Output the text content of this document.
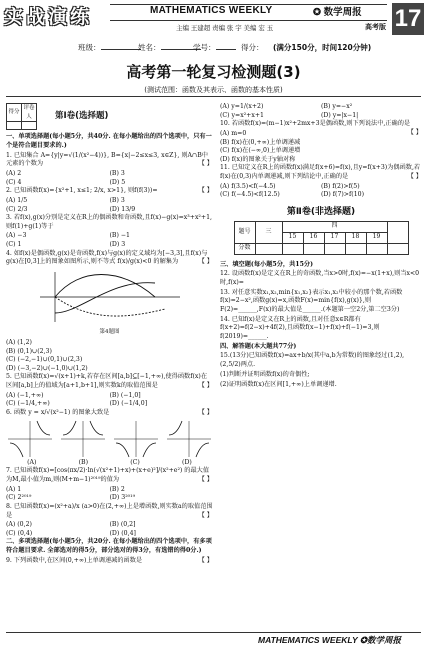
实战演练	MATHEMATICS WEEKLY	✪ 数学周报
主编 王建超 责编 张 宇 美编 宏 玉	高考版 17
班级：	姓名：	学号：	得分： (满分150分，时间120分钟)
高考第一轮复习检测题(3)
(测试范围：函数及其表示、函数的基本性质)
得分	评卷人
		第Ⅰ卷(选择题)

一、单项选择题(每小题5分，共40分. 在每小题给出的四个选项中，只有一个是符合题目要求的.)

1. 已知集合 A={y|y=√(1/(x²−4))}, B={x|−2≤x≤3, x∈Z}, 则A∩B中元素的个数为	【 】

(A) 2	(B) 3
(C) 4	(D) 5

2. 已知函数f(x)={x²+1, x≤1; 2/x, x>1}, 则f(f(3))=	【 】

(A) 1/5	(B) 3
(C) 2/3	(D) 13/9

3. 若f(x),g(x)分别是定义在R上的偶函数和奇函数,且f(x)−g(x)=x³+x²+1,则f(1)+g(1)等于

(A) −3	(B) −1
(C) 1	(D) 3

4. 如f(x)是偶函数,g(x)是奇函数,f(x)与g(x)的定义域均为[−3,3],且f(x)与g(x)在[0,3]上的图象如图所示,则不等式 f(x)/g(x)<0 的解集为	【 】

第4题图
(A) (1,2)
(B) (0,1)∪(2,3)
(C) (−2,−1)∪(0,1)∪(2,3)
(D) (−3,−2)∪(−1,0)∪(1,2)

5. 已知函数f(x)=√(x+1)+k,若存在区间[a,b]⊆[−1,+∞),使得函数f(x)在区间[a,b]上的值域为[a+1,b+1],则实数k的取值范围是	【 】

(A) (−1,+∞)	(B) (−1,0]
(C) (−1/4,+∞)	(D) (−1/4,0]

6. 函数 y = x/√(x²−1) 的图象大致是	【 】

(A)	(B)	(C)	(D)

7. 已知函数f(x)=[cos(πx/2)·ln(√(x²+1)+x)+(x+e)²]/(x²+e²) 的最大值为M,最小值为m,则(M+m−1)²⁰¹⁹的值为	【 】

(A) 1	(B) 2
(C) 2²⁰¹⁹	(D) 3²⁰¹⁹

8. 已知函数f(x)=(x²+a)/x (a>0)在(2,+∞)上是增函数,则实数a的取值范围是	【 】

(A) (0,2)	(B) (0,2]
(C) (0,4)	(D) (0,4]

二、多项选择题(每小题5分，共20分. 在每小题给出的四个选项中，有多项符合题目要求. 全部选对的得5分，部分选对的得3分，有选错的得0分.)

9. 下列函数中,在区间(0,+∞)上单调递减的函数是	【 】

(A) y=1/(x+2)	(B) y=−x²
(C) y=x²+x+1	(D) y=|x−1|

10. 若函数f(x)=(m−1)x²+2mx+3是偶函数,则下列说法中,正确的是
【 】

(A) m=0
(B) f(x)在(0,+∞)上单调递减
(C) f(x)在(−∞,0)上单调递增
(D) f(x)的图象关于y轴对称

11. 已知定义在R上的函数f(x)满足f(x+6)=f(x),且y=f(x+3)为偶函数,若f(x)在(0,3)内单调递减,则下列结论中,正确的是	【 】

(A) f(3.5)<f(−4.5)	(B) f(2)>f(5)
(C) f(−4.5)<f(12.5)	(D) f(7)>f(10)
第Ⅱ卷(非选择题)
题号	三	四					
		15	16	17	18	19	
分数							

三、填空题(每小题5分，共15分)

12. 设函数f(x)是定义在R上的奇函数,当x>0时,f(x)=−x(1+x),则当x<0时,f(x)=

13. 对任意实数x₁,x₂,min{x₁,x₂}表示x₁,x₂中较小的那个数,若函数f(x)=2−x²,函数g(x)=x,函数F(x)=min{f(x),g(x)},则F(2)=______,F(x)的最大值是______.(本题第一空2分,第二空3分)

14. 已知f(x)是定义在R上的函数,且对任意x∈R都有f(x+2)=f(2−x)+4f(2),且函数f(x−1)+f(x)+f(−1)=3,则f(2019)=______.

四、解答题(本大题共77分)

15.(13分)已知函数f(x)=ax+b/x(其中a,b为常数)的图象经过(1,2),(2,5/2)两点.

(1)判断并证明函数f(x)的奇偶性;

(2)证明函数f(x)在区间[1,+∞)上单调递增.

MATHEMATICS WEEKLY ✪数学周报
